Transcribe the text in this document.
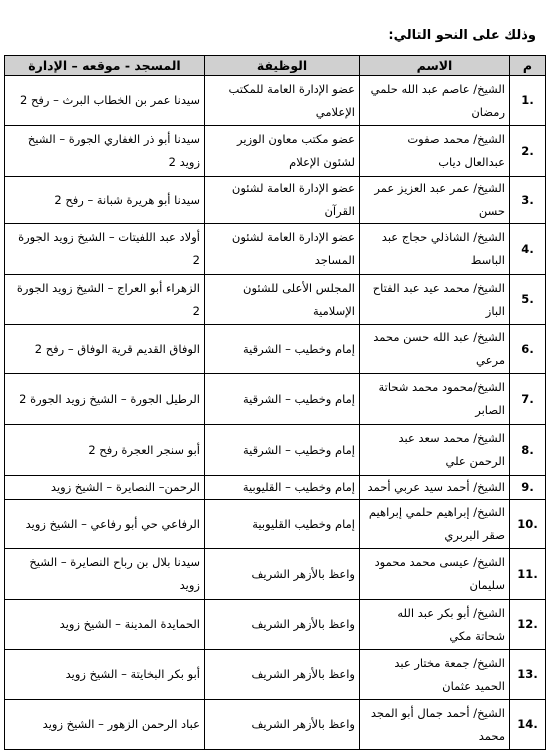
وذلك على النحو التالي:
م	الاسم	الوظيفة	المسجد - موقعه – الإدارة
.1	الشيخ/ عاصم عبد الله حلمي رمضان	عضو الإدارة العامة للمكتب الإعلامي	سيدنا عمر بن الخطاب البرث – رفح 2
.2	الشيخ/ محمد صفوت عبدالعال دياب	عضو مكتب معاون الوزير لشئون الإعلام	سيدنا أبو ذر الغفاري الجورة – الشيخ زويد 2
.3	الشيخ/ عمر عبد العزيز عمر حسن	عضو الإدارة العامة لشئون القرآن	سيدنا أبو هريرة شبانة – رفح 2
.4	الشيخ/ الشاذلي حجاج عبد الباسط	عضو الإدارة العامة لشئون المساجد	أولاد عبد اللفيتات – الشيخ زويد الجورة 2
.5	الشيخ/ محمد عيد عبد الفتاح الباز	المجلس الأعلى للشئون الإسلامية	الزهراء أبو العراج – الشيخ زويد الجورة 2
.6	الشيخ/ عبد الله حسن محمد مرعي	إمام وخطيب – الشرقية	الوفاق القديم قرية الوفاق – رفح 2
.7	الشيخ/محمود محمد شحاتة الصابر	إمام وخطيب – الشرقية	الرطيل الجورة – الشيخ زويد الجورة 2
.8	الشيخ/ محمد سعد عبد الرحمن علي	إمام وخطيب – الشرقية	أبو سنجر العجرة رفح 2
.9	الشيخ/ أحمد سيد عربي أحمد	إمام وخطيب – القليوبية	الرحمن– النصايرة – الشيخ زويد
.10	الشيخ/ إبراهيم حلمي إبراهيم صقر البربري	إمام وخطيب القليوبية	الرفاعي حي أبو رفاعي – الشيخ زويد
.11	الشيخ/ عيسى محمد محمود سليمان	واعظ بالأزهر الشريف	سيدنا بلال بن رباح النصايرة – الشيخ زويد
.12	الشيخ/ أبو بكر عبد الله شحاتة مكي	واعظ بالأزهر الشريف	الحمايدة المدينة – الشيخ زويد
.13	الشيخ/ جمعة مختار عبد الحميد عثمان	واعظ بالأزهر الشريف	أبو بكر البخايتة – الشيخ زويد
.14	الشيخ/ أحمد جمال أبو المجد محمد	واعظ بالأزهر الشريف	عباد الرحمن الزهور – الشيخ زويد
